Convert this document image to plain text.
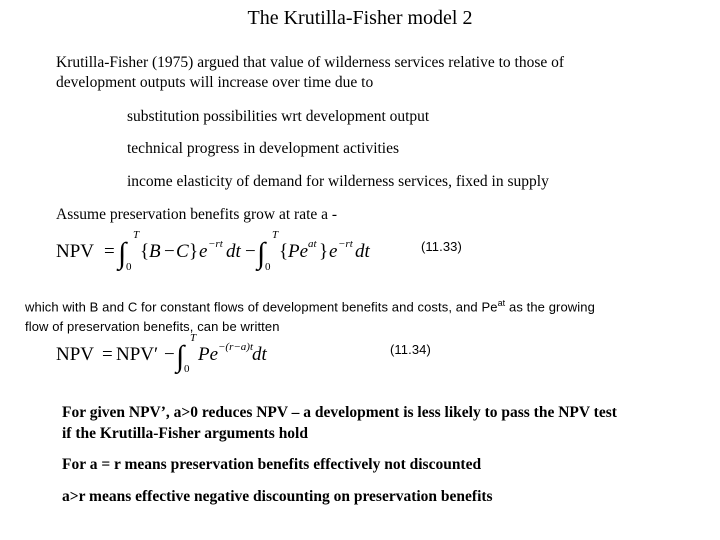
The Krutilla-Fisher model 2
Krutilla-Fisher (1975) argued that value of wilderness services relative to those of
development outputs will increase over time due to
substitution possibilities wrt development output
technical progress in development activities
income elasticity of demand for wilderness services, fixed in supply
Assume preservation benefits grow at rate a -
NPV = ∫
T
0
{ B − C } e −rt dt − ∫
T
0
{ Pe at } e −rt dt	(11.33)
which with B and C for constant flows of development benefits and costs, and $Pe^{at}$ as the growing
flow of preservation benefits, can be written
NPV = NPV′ − ∫
T
0
Pe −(r−a)t
dt	(11.34)
For given NPV’, a>0 reduces NPV – a development is less likely to pass the NPV test
if the Krutilla-Fisher arguments hold
For a = r means preservation benefits effectively not discounted
a>r means effective negative discounting on preservation benefits
